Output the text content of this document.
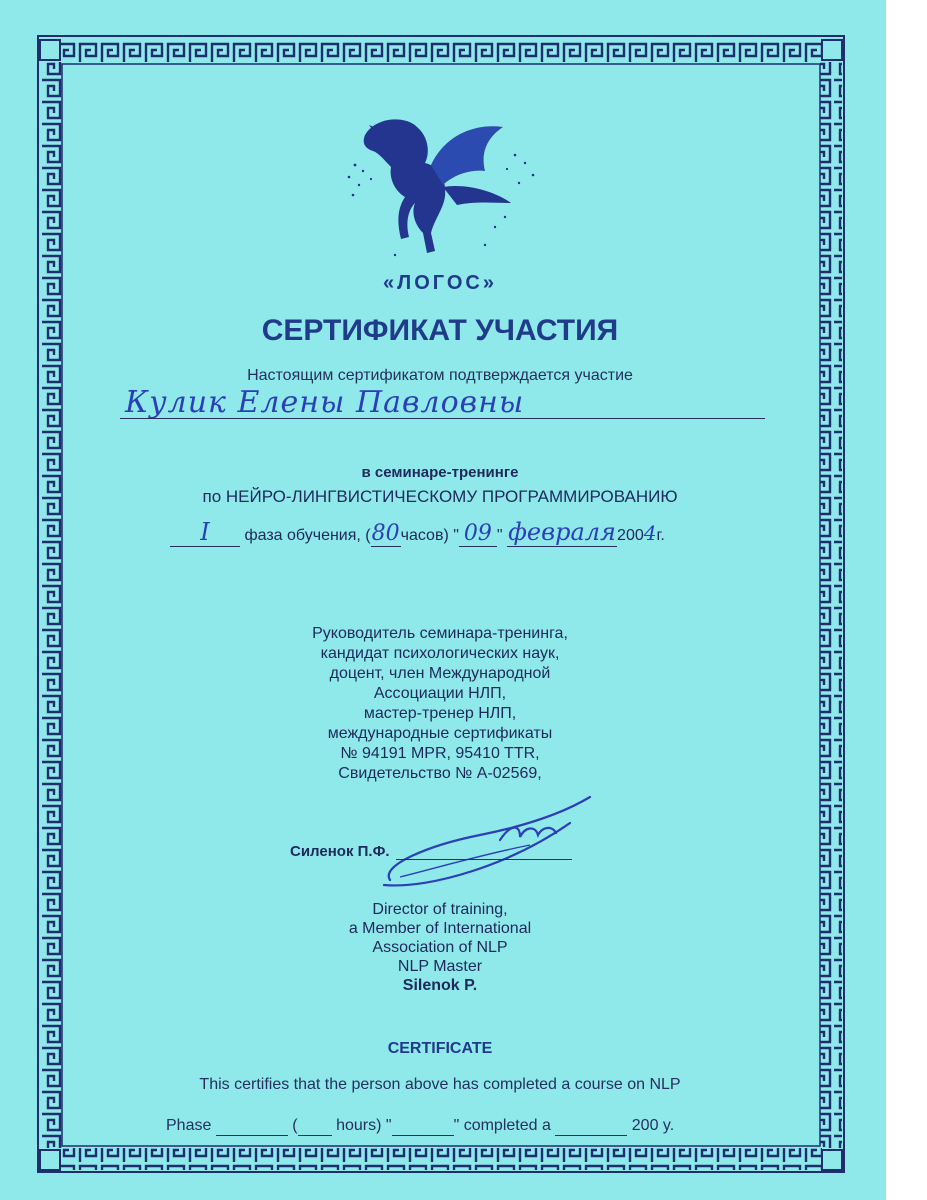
«ЛОГОС»
СЕРТИФИКАТ УЧАСТИЯ
Настоящим сертификатом подтверждается участие
Кулик Елены Павловны
в семинаре-тренинге
по НЕЙРО-ЛИНГВИСТИЧЕСКОМУ ПРОГРАММИРОВАНИЮ
I фаза обучения, (80часов) " 09 " февраля2004г.
Руководитель семинара-тренинга,
кандидат психологических наук,
доцент, член Международной
Ассоциации НЛП,
мастер-тренер НЛП,
международные сертификаты
№ 94191 MPR, 95410 TTR,
Свидетельство № А-02569,
Силенок П.Ф.
Director of training,
a Member of International
Association of NLP
NLP Master
Silenok P.
CERTIFICATE
This certifies that the person above has completed a course on NLP
Phase	( hours) "	" completed a	200 y.
